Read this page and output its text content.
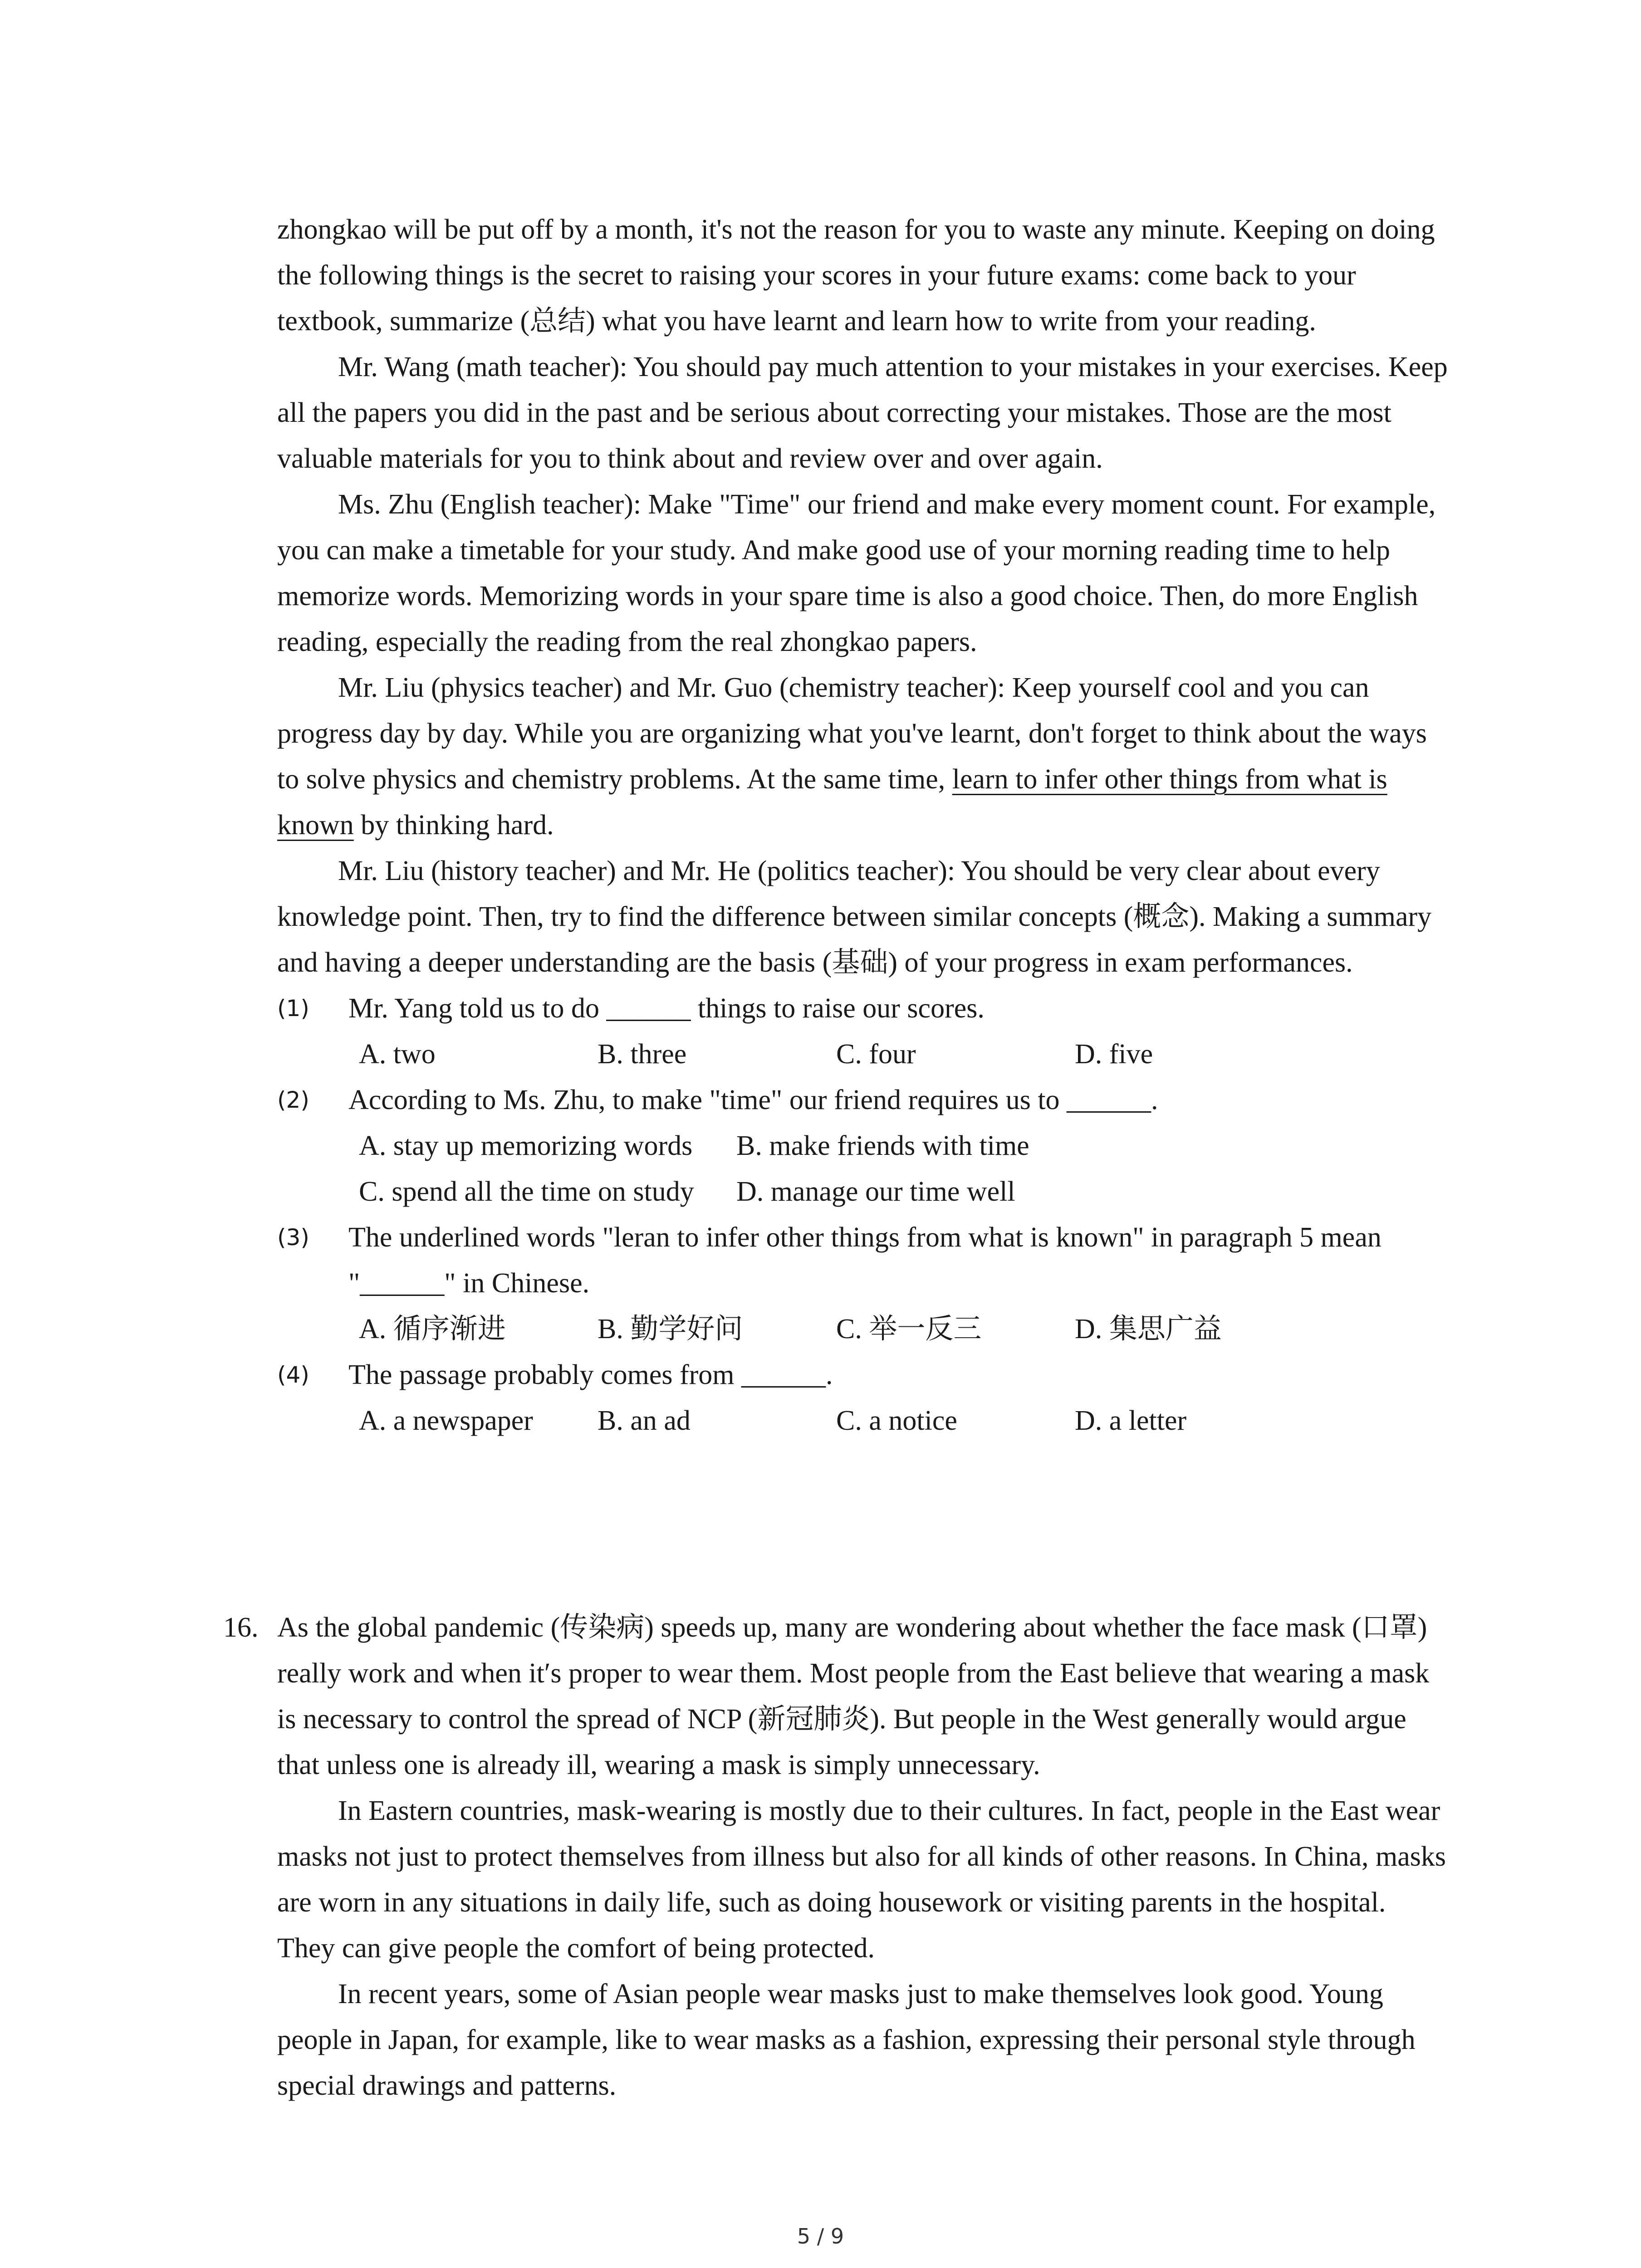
zhongkao will be put off by a month, it's not the reason for you to waste any minute. Keeping on doing the following things is the secret to raising your scores in your future exams: come back to your textbook, summarize (总结) what you have learnt and learn how to write from your reading.

Mr. Wang (math teacher): You should pay much attention to your mistakes in your exercises. Keep all the papers you did in the past and be serious about correcting your mistakes. Those are the most valuable materials for you to think about and review over and over again.

Ms. Zhu (English teacher): Make "Time" our friend and make every moment count. For example, you can make a timetable for your study. And make good use of your morning reading time to help memorize words. Memorizing words in your spare time is also a good choice. Then, do more English reading, especially the reading from the real zhongkao papers.

Mr. Liu (physics teacher) and Mr. Guo (chemistry teacher): Keep yourself cool and you can progress day by day. While you are organizing what you've learnt, don't forget to think about the ways to solve physics and chemistry problems. At the same time, learn to infer other things from what is known by thinking hard.

Mr. Liu (history teacher) and Mr. He (politics teacher): You should be very clear about every knowledge point. Then, try to find the difference between similar concepts (概念). Making a summary and having a deeper understanding are the basis (基础) of your progress in exam performances.

(1) Mr. Yang told us to do ______ things to raise our scores.
A. two	B. three	C. four	D. five
(2) According to Ms. Zhu, to make "time" our friend requires us to ______.
A. stay up memorizing words B. make friends with time
C. spend all the time on study D. manage our time well
(3) The underlined words "leran to infer other things from what is known" in paragraph 5 mean "______" in Chinese.
A. 循序渐进	B. 勤学好问	C. 举一反三	D. 集思广益
(4) The passage probably comes from ______.
A. a newspaper B. an ad	C. a notice	D. a letter
16. As the global pandemic (传染病) speeds up, many are wondering about whether the face mask (口罩) really work and when it′s proper to wear them. Most people from the East believe that wearing a mask is necessary to control the spread of NCP (新冠肺炎). But people in the West generally would argue that unless one is already ill, wearing a mask is simply unnecessary.

In Eastern countries, mask-wearing is mostly due to their cultures. In fact, people in the East wear masks not just to protect themselves from illness but also for all kinds of other reasons. In China, masks are worn in any situations in daily life, such as doing housework or visiting parents in the hospital. They can give people the comfort of being protected.

In recent years, some of Asian people wear masks just to make themselves look good. Young people in Japan, for example, like to wear masks as a fashion, expressing their personal style through special drawings and patterns.

5 / 9
